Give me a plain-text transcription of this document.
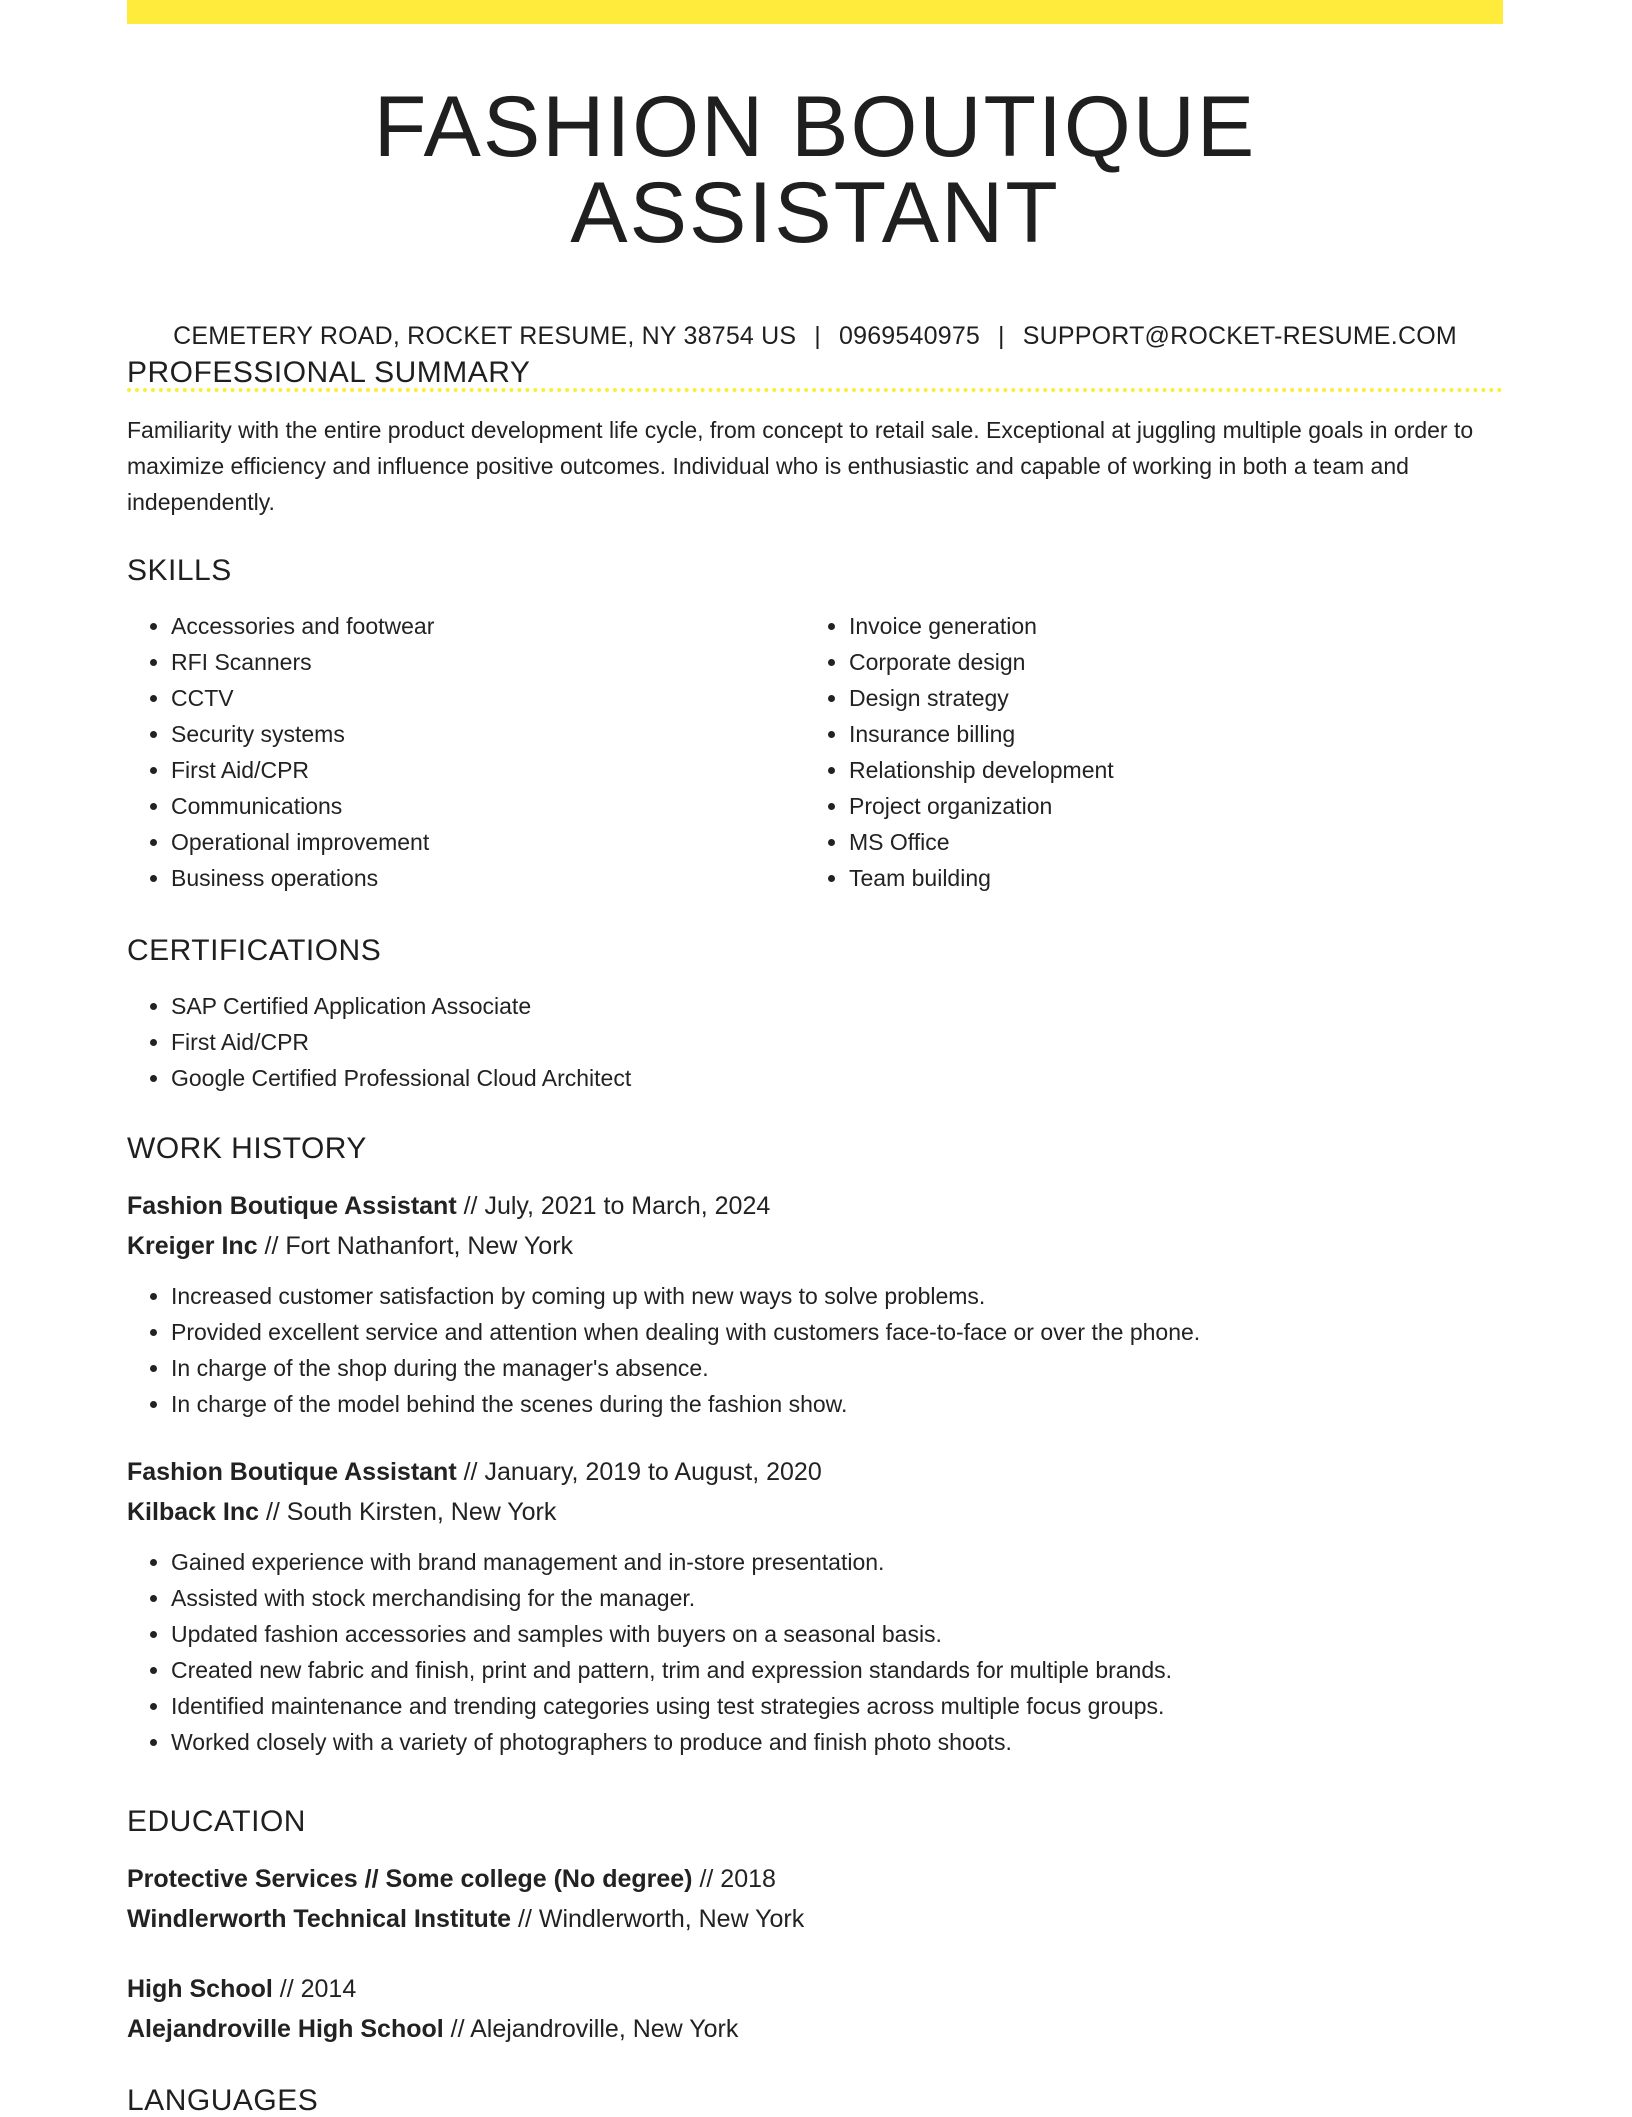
FASHION BOUTIQUE ASSISTANT
CEMETERY ROAD, ROCKET RESUME, NY 38754 US | 0969540975 | SUPPORT@ROCKET-RESUME.COM
PROFESSIONAL SUMMARY

Familiarity with the entire product development life cycle, from concept to retail sale. Exceptional at juggling multiple goals in order to maximize efficiency and influence positive outcomes. Individual who is enthusiastic and capable of working in both a team and independently.

SKILLS
• Accessories and footwear
• RFI Scanners
• CCTV
• Security systems
• First Aid/CPR
• Communications
• Operational improvement
• Business operations
• Invoice generation
• Corporate design
• Design strategy
• Insurance billing
• Relationship development
• Project organization
• MS Office
• Team building
CERTIFICATIONS
• SAP Certified Application Associate
• First Aid/CPR
• Google Certified Professional Cloud Architect
WORK HISTORY
Fashion Boutique Assistant // July, 2021 to March, 2024
Kreiger Inc // Fort Nathanfort, New York
• Increased customer satisfaction by coming up with new ways to solve problems.
• Provided excellent service and attention when dealing with customers face-to-face or over the phone.
• In charge of the shop during the manager's absence.
• In charge of the model behind the scenes during the fashion show.
Fashion Boutique Assistant // January, 2019 to August, 2020
Kilback Inc // South Kirsten, New York
• Gained experience with brand management and in-store presentation.
• Assisted with stock merchandising for the manager.
• Updated fashion accessories and samples with buyers on a seasonal basis.
• Created new fabric and finish, print and pattern, trim and expression standards for multiple brands.
• Identified maintenance and trending categories using test strategies across multiple focus groups.
• Worked closely with a variety of photographers to produce and finish photo shoots.
EDUCATION
Protective Services // Some college (No degree) // 2018
Windlerworth Technical Institute // Windlerworth, New York
High School // 2014
Alejandroville High School // Alejandroville, New York
LANGUAGES
